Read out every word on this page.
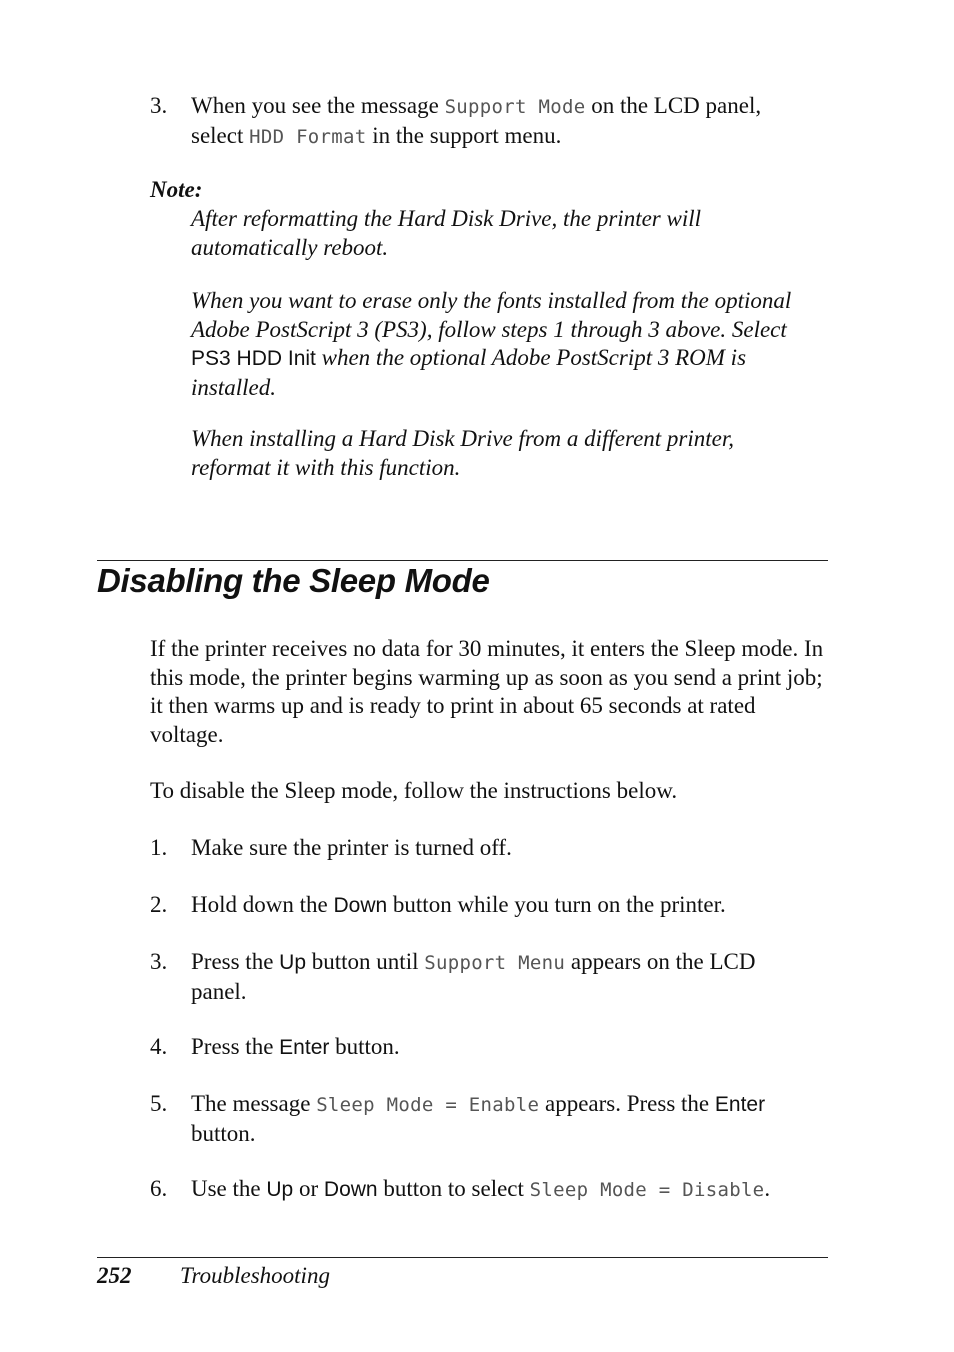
3. When you see the message Support Mode on the LCD panel,
select HDD Format in the support menu.
Note:

After reformatting the Hard Disk Drive, the printer will automatically reboot.

When you want to erase only the fonts installed from the optional Adobe PostScript 3 (PS3), follow steps 1 through 3 above. Select PS3 HDD Init when the optional Adobe PostScript 3 ROM is installed.

When installing a Hard Disk Drive from a different printer, reformat it with this function.

Disabling the Sleep Mode

If the printer receives no data for 30 minutes, it enters the Sleep mode. In this mode, the printer begins warming up as soon as you send a print job; it then warms up and is ready to print in about 65 seconds at rated voltage.

To disable the Sleep mode, follow the instructions below.

1. Make sure the printer is turned off.
2. Hold down the Down button while you turn on the printer.
3. Press the Up button until Support Menu appears on the LCD
panel.
4. Press the Enter button.
5. The message Sleep Mode = Enable appears. Press the Enter
button.
6. Use the Up or Down button to select Sleep Mode = Disable.
252 Troubleshooting
